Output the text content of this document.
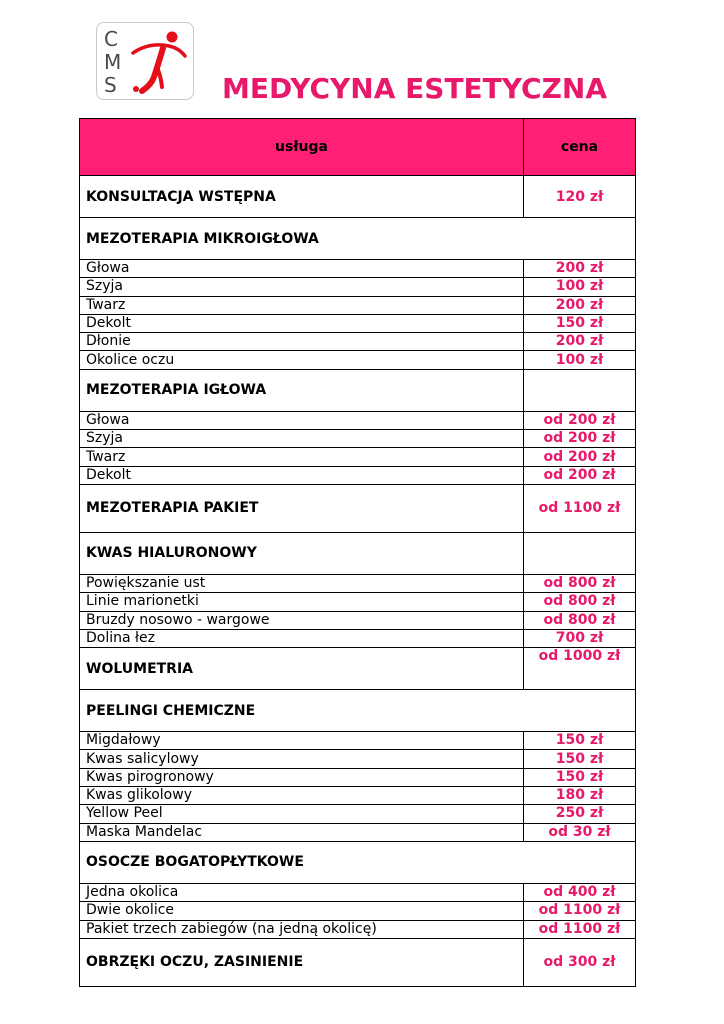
C
M
S	MEDYCYNA ESTETYCZNA
usługa	cena
KONSULTACJA WSTĘPNA	120 zł
MEZOTERAPIA MIKROIGŁOWA	
Głowa	200 zł
Szyja	100 zł
Twarz	200 zł
Dekolt	150 zł
Dłonie	200 zł
Okolice oczu	100 zł
MEZOTERAPIA IGŁOWA	
Głowa	od 200 zł
Szyja	od 200 zł
Twarz	od 200 zł
Dekolt	od 200 zł
MEZOTERAPIA PAKIET	od 1100 zł
KWAS HIALURONOWY	
Powiększanie ust	od 800 zł
Linie marionetki	od 800 zł
Bruzdy nosowo - wargowe	od 800 zł
Dolina łez	700 zł
WOLUMETRIA	od 1000 zł
PEELINGI CHEMICZNE	
Migdałowy	150 zł
Kwas salicylowy	150 zł
Kwas pirogronowy	150 zł
Kwas glikolowy	180 zł
Yellow Peel	250 zł
Maska Mandelac	od 30 zł
OSOCZE BOGATOPŁYTKOWE	
Jedna okolica	od 400 zł
Dwie okolice	od 1100 zł
Pakiet trzech zabiegów (na jedną okolicę)	od 1100 zł
OBRZĘKI OCZU, ZASINIENIE	od 300 zł
